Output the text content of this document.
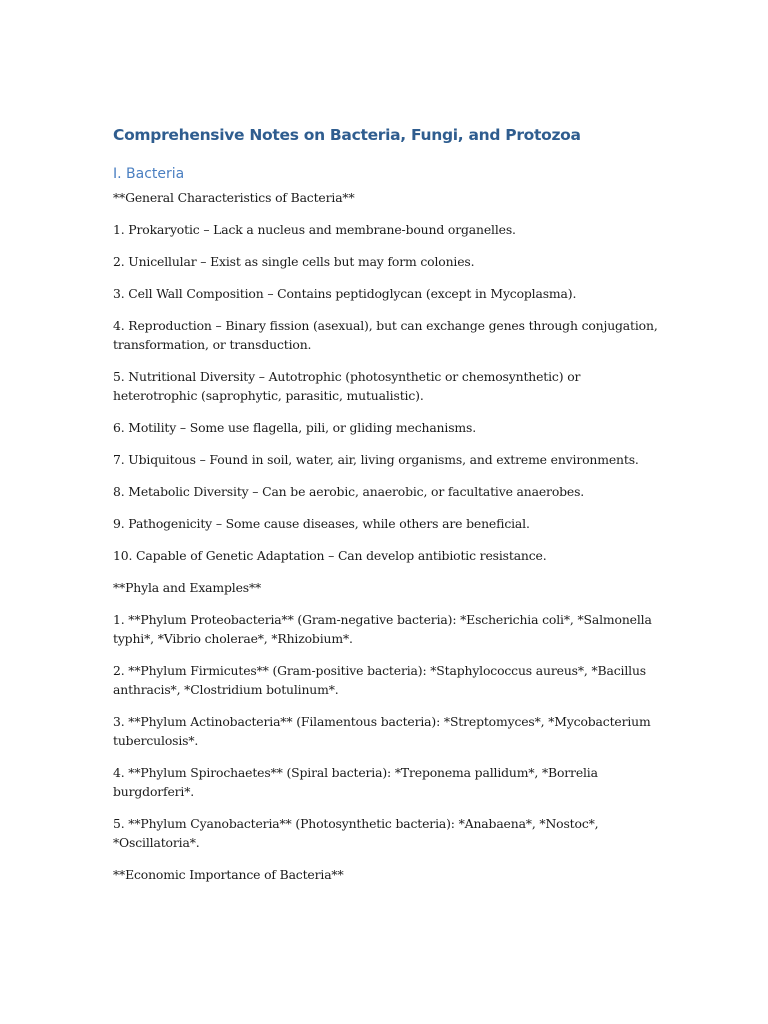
Comprehensive Notes on Bacteria, Fungi, and Protozoa
I. Bacteria

**General Characteristics of Bacteria**

1. Prokaryotic – Lack a nucleus and membrane-bound organelles.

2. Unicellular – Exist as single cells but may form colonies.

3. Cell Wall Composition – Contains peptidoglycan (except in Mycoplasma).

4. Reproduction – Binary fission (asexual), but can exchange genes through conjugation, transformation, or transduction.

5. Nutritional Diversity – Autotrophic (photosynthetic or chemosynthetic) or heterotrophic (saprophytic, parasitic, mutualistic).

6. Motility – Some use flagella, pili, or gliding mechanisms.

7. Ubiquitous – Found in soil, water, air, living organisms, and extreme environments.

8. Metabolic Diversity – Can be aerobic, anaerobic, or facultative anaerobes.

9. Pathogenicity – Some cause diseases, while others are beneficial.

10. Capable of Genetic Adaptation – Can develop antibiotic resistance.

**Phyla and Examples**

1. **Phylum Proteobacteria** (Gram-negative bacteria): *Escherichia coli*, *Salmonella typhi*, *Vibrio cholerae*, *Rhizobium*.

2. **Phylum Firmicutes** (Gram-positive bacteria): *Staphylococcus aureus*, *Bacillus anthracis*, *Clostridium botulinum*.

3. **Phylum Actinobacteria** (Filamentous bacteria): *Streptomyces*, *Mycobacterium tuberculosis*.

4. **Phylum Spirochaetes** (Spiral bacteria): *Treponema pallidum*, *Borrelia burgdorferi*.

5. **Phylum Cyanobacteria** (Photosynthetic bacteria): *Anabaena*, *Nostoc*, *Oscillatoria*.

**Economic Importance of Bacteria**
